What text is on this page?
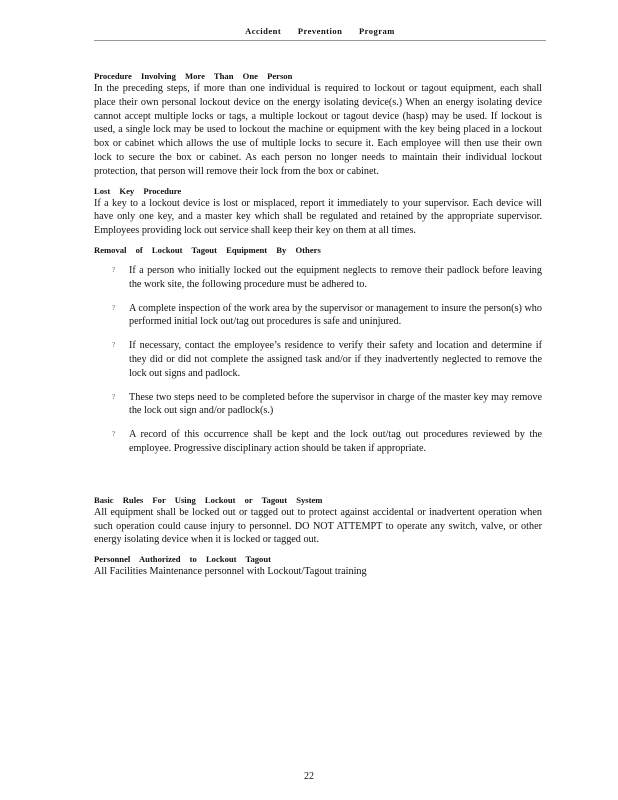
Accident Prevention Program

Procedure Involving More Than One Person

In the preceding steps, if more than one individual is required to lockout or tagout equipment, each shall place their own personal lockout device on the energy isolating device(s.) When an energy isolating device cannot accept multiple locks or tags, a multiple lockout or tagout device (hasp) may be used. If lockout is used, a single lock may be used to lockout the machine or equipment with the key being placed in a lockout box or cabinet which allows the use of multiple locks to secure it. Each employee will then use their own lock to secure the box or cabinet. As each person no longer needs to maintain their individual lockout protection, that person will remove their lock from the box or cabinet.

Lost Key Procedure

If a key to a lockout device is lost or misplaced, report it immediately to your supervisor. Each device will have only one key, and a master key which shall be regulated and retained by the appropriate supervisor. Employees providing lock out service shall keep their key on them at all times.

Removal of Lockout Tagout Equipment By Others

? If a person who initially locked out the equipment neglects to remove their padlock before leaving the work site, the following procedure must be adhered to.
? A complete inspection of the work area by the supervisor or management to insure the person(s) who performed initial lock out/tag out procedures is safe and uninjured.
? If necessary, contact the employee’s residence to verify their safety and location and determine if they did or did not complete the assigned task and/or if they inadvertently neglected to remove the lock out signs and padlock.
? These two steps need to be completed before the supervisor in charge of the master key may remove the lock out sign and/or padlock(s.)
? A record of this occurrence shall be kept and the lock out/tag out procedures reviewed by the employee. Progressive disciplinary action should be taken if appropriate.

Basic Rules For Using Lockout or Tagout System

All equipment shall be locked out or tagged out to protect against accidental or inadvertent operation when such operation could cause injury to personnel. DO NOT ATTEMPT to operate any switch, valve, or other energy isolating device when it is locked or tagged out.

Personnel Authorized to Lockout Tagout

All Facilities Maintenance personnel with Lockout/Tagout training

22
